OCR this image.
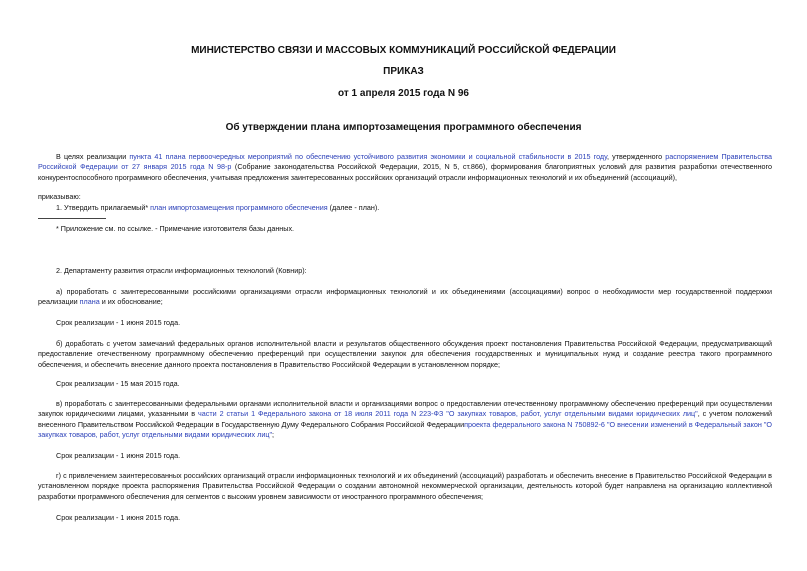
МИНИСТЕРСТВО СВЯЗИ И МАССОВЫХ КОММУНИКАЦИЙ РОССИЙСКОЙ ФЕДЕРАЦИИ
ПРИКАЗ
от 1 апреля 2015 года N 96
Об утверждении плана импортозамещения программного обеспечения
В целях реализации пункта 41 плана первоочередных мероприятий по обеспечению устойчивого развития экономики и социальной стабильности в 2015 году, утвержденного распоряжением Правительства Российской Федерации от 27 января 2015 года N 98-р (Собрание законодательства Российской Федерации, 2015, N 5, ст.866), формирования благоприятных условий для развития разработки отечественного конкурентоспособного программного обеспечения, учитывая предложения заинтересованных российских организаций отрасли информационных технологий и их объединений (ассоциаций),
приказываю:
1. Утвердить прилагаемый* план импортозамещения программного обеспечения (далее - план).
* Приложение см. по ссылке. - Примечание изготовителя базы данных.
2. Департаменту развития отрасли информационных технологий (Ковнир):
а) проработать с заинтересованными российскими организациями отрасли информационных технологий и их объединениями (ассоциациями) вопрос о необходимости мер государственной поддержки реализации плана и их обоснование;
Срок реализации - 1 июня 2015 года.
б) доработать с учетом замечаний федеральных органов исполнительной власти и результатов общественного обсуждения проект постановления Правительства Российской Федерации, предусматривающий предоставление отечественному программному обеспечению преференций при осуществлении закупок для обеспечения государственных и муниципальных нужд и создание реестра такого программного обеспечения, и обеспечить внесение данного проекта постановления в Правительство Российской Федерации в установленном порядке;
Срок реализации - 15 мая 2015 года.
в) проработать с заинтересованными федеральными органами исполнительной власти и организациями вопрос о предоставлении отечественному программному обеспечению преференций при осуществлении закупок юридическими лицами, указанными в части 2 статьи 1 Федерального закона от 18 июля 2011 года N 223-ФЗ "О закупках товаров, работ, услуг отдельными видами юридических лиц", с учетом положений внесенного Правительством Российской Федерации в Государственную Думу Федерального Собрания Российской Федерациипроекта федерального закона N 750892-6 "О внесении изменений в Федеральный закон "О закупках товаров, работ, услуг отдельными видами юридических лиц";
Срок реализации - 1 июня 2015 года.
г) с привлечением заинтересованных российских организаций отрасли информационных технологий и их объединений (ассоциаций) разработать и обеспечить внесение в Правительство Российской Федерации в установленном порядке проекта распоряжения Правительства Российской Федерации о создании автономной некоммерческой организации, деятельность которой будет направлена на организацию коллективной разработки программного обеспечения для сегментов с высоким уровнем зависимости от иностранного программного обеспечения;
Срок реализации - 1 июня 2015 года.
